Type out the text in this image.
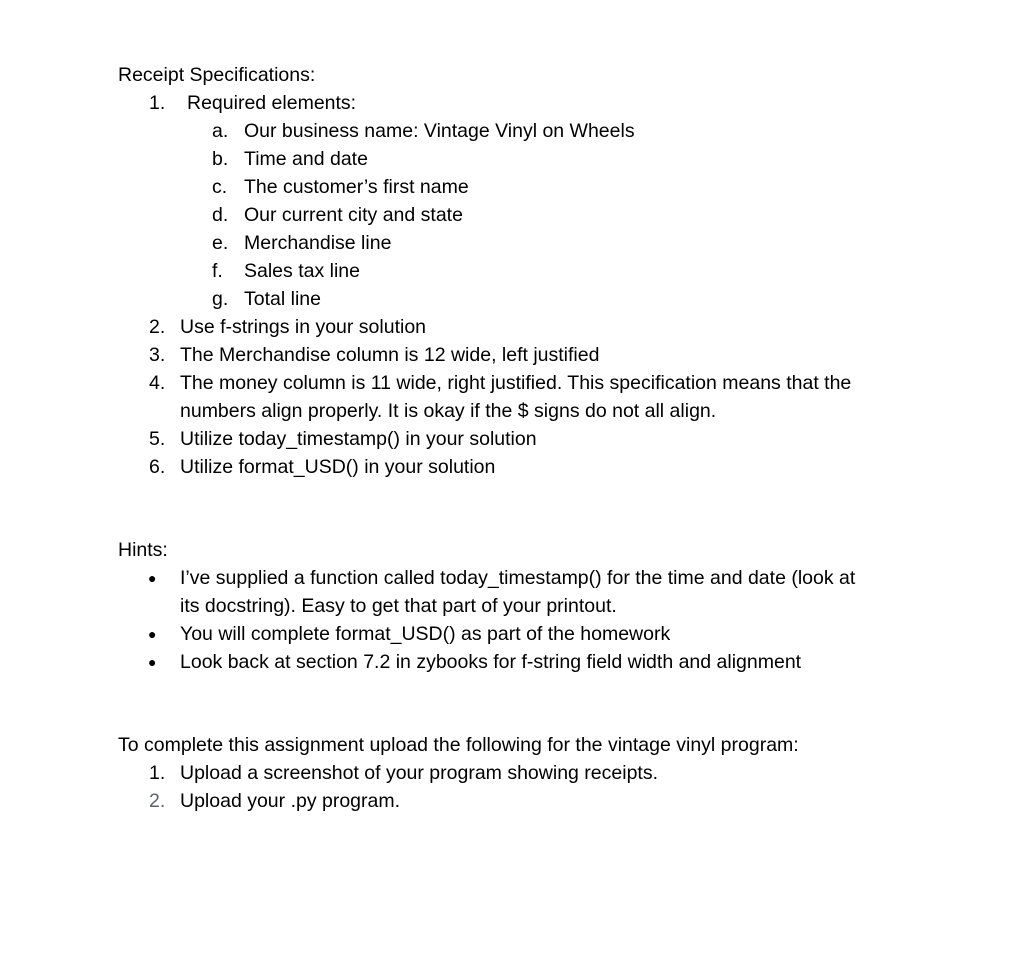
Receipt Specifications:
1.	Required elements:
a. Our business name: Vintage Vinyl on Wheels
b. Time and date
c. The customer’s first name
d. Our current city and state
e. Merchandise line
f.	Sales tax line
g. Total line
2. Use f-strings in your solution
3. The Merchandise column is 12 wide, left justified
4. The money column is 11 wide, right justified. This specification means that the numbers align properly. It is okay if the $ signs do not all align.
5. Utilize today_timestamp() in your solution
6. Utilize format_USD() in your solution
Hints:
●	I’ve supplied a function called today_timestamp() for the time and date (look at its docstring). Easy to get that part of your printout.
●	You will complete format_USD() as part of the homework
●	Look back at section 7.2 in zybooks for f-string field width and alignment
To complete this assignment upload the following for the vintage vinyl program:
1. Upload a screenshot of your program showing receipts.
2. Upload your .py program.
